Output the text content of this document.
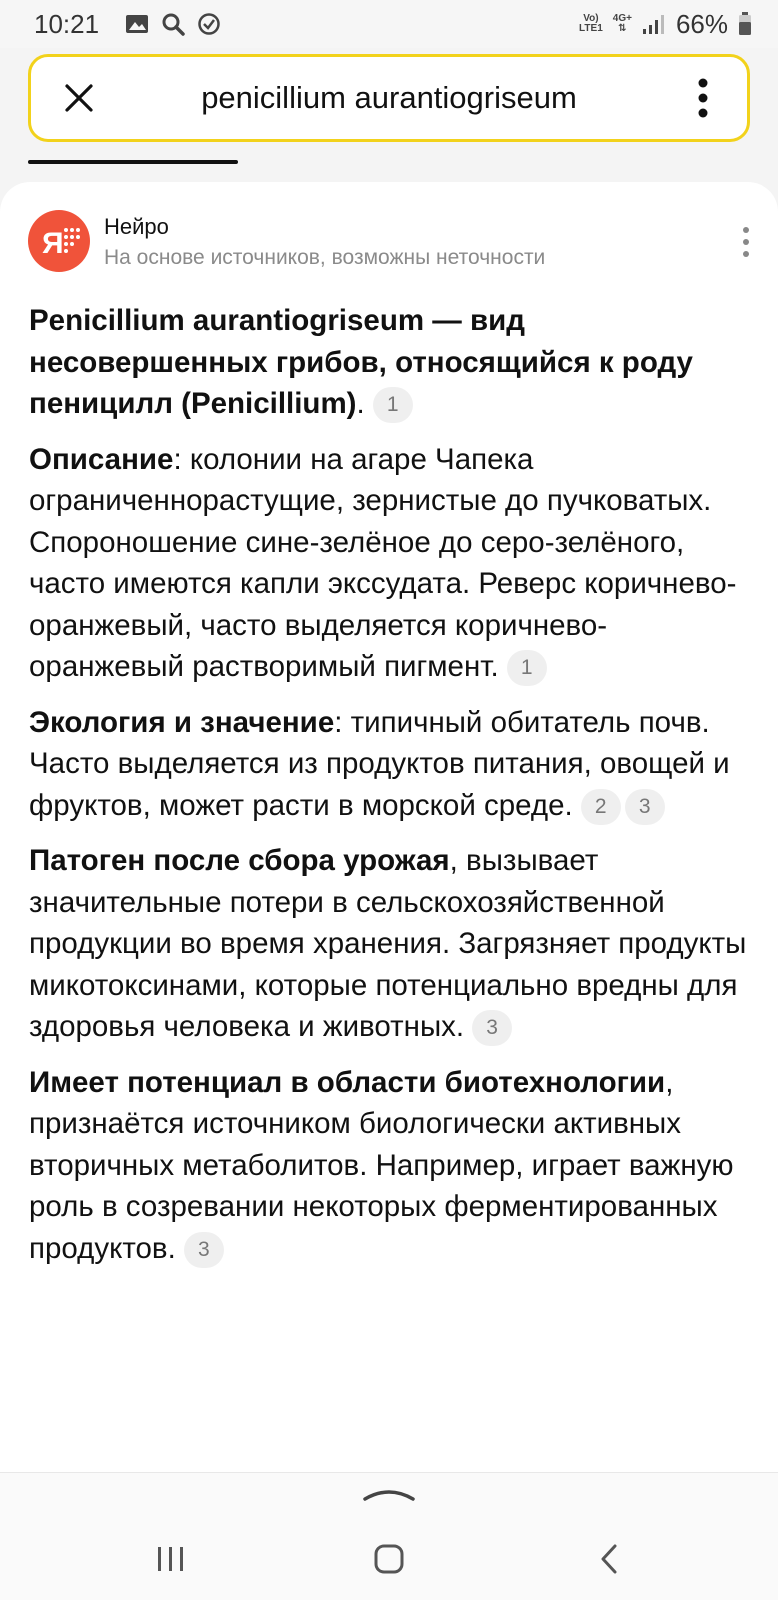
10:21	Vo)
LTE1
4G+
⇅ 66%
penicillium aurantiogriseum
Я
Нейро
На основе источников, возможны неточности

Penicillium aurantiogriseum — вид несовершенных грибов, относящийся к роду пеницилл (Penicillium). 1

Описание: колонии на агаре Чапека ограниченнорастущие, зернистые до пучковатых. Спороношение сине-зелёное до серо-зелёного, часто имеются капли экссудата. Реверс коричнево-оранжевый, часто выделяется коричнево-оранжевый растворимый пигмент. 1

Экология и значение: типичный обитатель почв. Часто выделяется из продуктов питания, овощей и фруктов, может расти в морской среде. 2 3

Патоген после сбора урожая, вызывает значительные потери в сельскохозяйственной продукции во время хранения. Загрязняет продукты микотоксинами, которые потенциально вредны для здоровья человека и животных. 3

Имеет потенциал в области биотехнологии, признаётся источником биологически активных вторичных метаболитов. Например, играет важную роль в созревании некоторых ферментированных продуктов. 3
